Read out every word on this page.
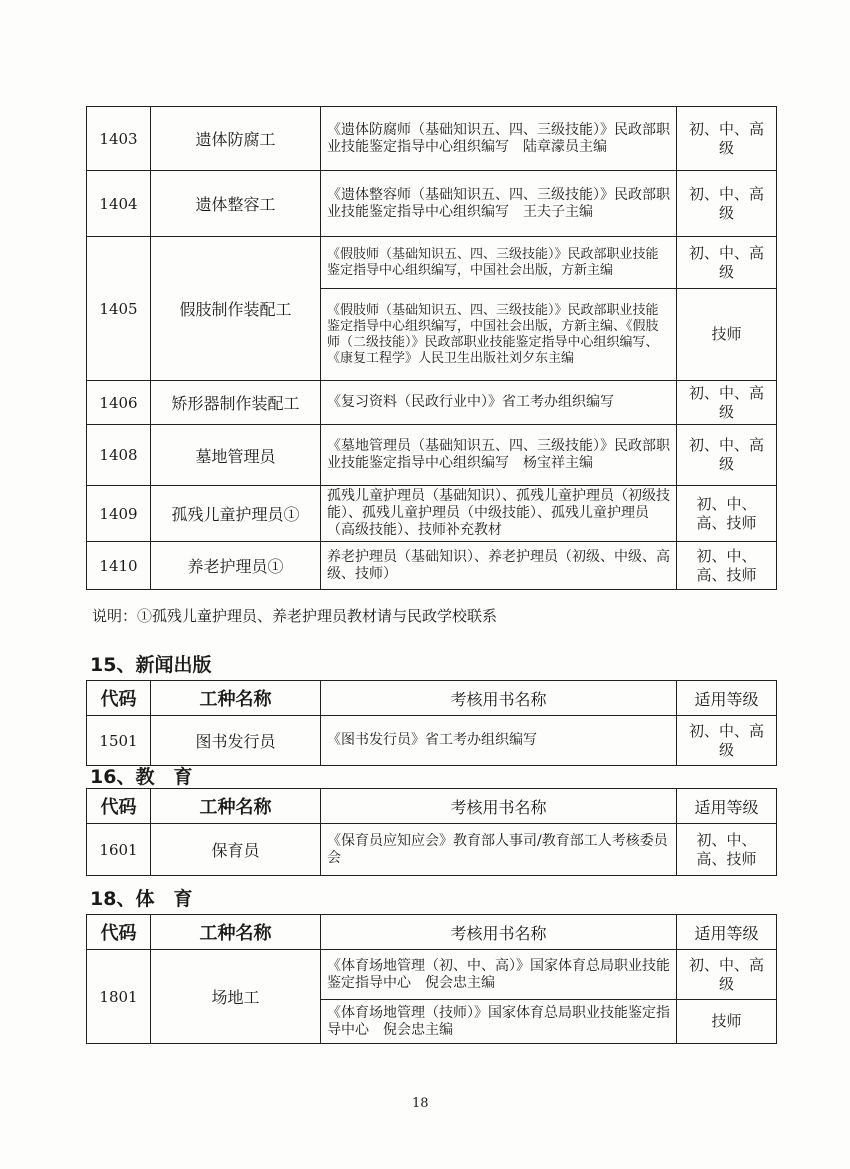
1403	遗体防腐工	《遗体防腐师（基础知识五、四、三级技能）》民政部职业技能鉴定指导中心组织编写　陆章濛员主编	初、中、高级
1404	遗体整容工	《遗体整容师（基础知识五、四、三级技能）》民政部职业技能鉴定指导中心组织编写　王夫子主编	初、中、高级
1405	假肢制作装配工	《假肢师（基础知识五、四、三级技能）》民政部职业技能鉴定指导中心组织编写，中国社会出版，方新主编	初、中、高级
		《假肢师（基础知识五、四、三级技能）》民政部职业技能鉴定指导中心组织编写，中国社会出版，方新主编、《假肢师（二级技能）》民政部职业技能鉴定指导中心组织编写、《康复工程学》人民卫生出版社刘夕东主编	技师
1406	矫形器制作装配工	《复习资料（民政行业中）》省工考办组织编写	初、中、高级
1408	墓地管理员	《墓地管理员（基础知识五、四、三级技能）》民政部职业技能鉴定指导中心组织编写　杨宝祥主编	初、中、高级
1409	孤残儿童护理员①	孤残儿童护理员（基础知识）、孤残儿童护理员（初级技能）、孤残儿童护理员（中级技能）、孤残儿童护理员（高级技能）、技师补充教材	初、中、高、技师
1410	养老护理员①	养老护理员（基础知识）、养老护理员（初级、中级、高级、技师）	初、中、高、技师
说明：①孤残儿童护理员、养老护理员教材请与民政学校联系
15、新闻出版
代码	工种名称	考核用书名称	适用等级
1501	图书发行员	《图书发行员》省工考办组织编写	初、中、高级
16、教　育
代码	工种名称	考核用书名称	适用等级
1601	保育员	《保育员应知应会》教育部人事司/教育部工人考核委员会	初、中、高、技师
18、体　育
代码	工种名称	考核用书名称	适用等级
1801	场地工	《体育场地管理（初、中、高）》国家体育总局职业技能鉴定指导中心　倪会忠主编	初、中、高级
		《体育场地管理（技师）》国家体育总局职业技能鉴定指导中心　倪会忠主编	技师
18
